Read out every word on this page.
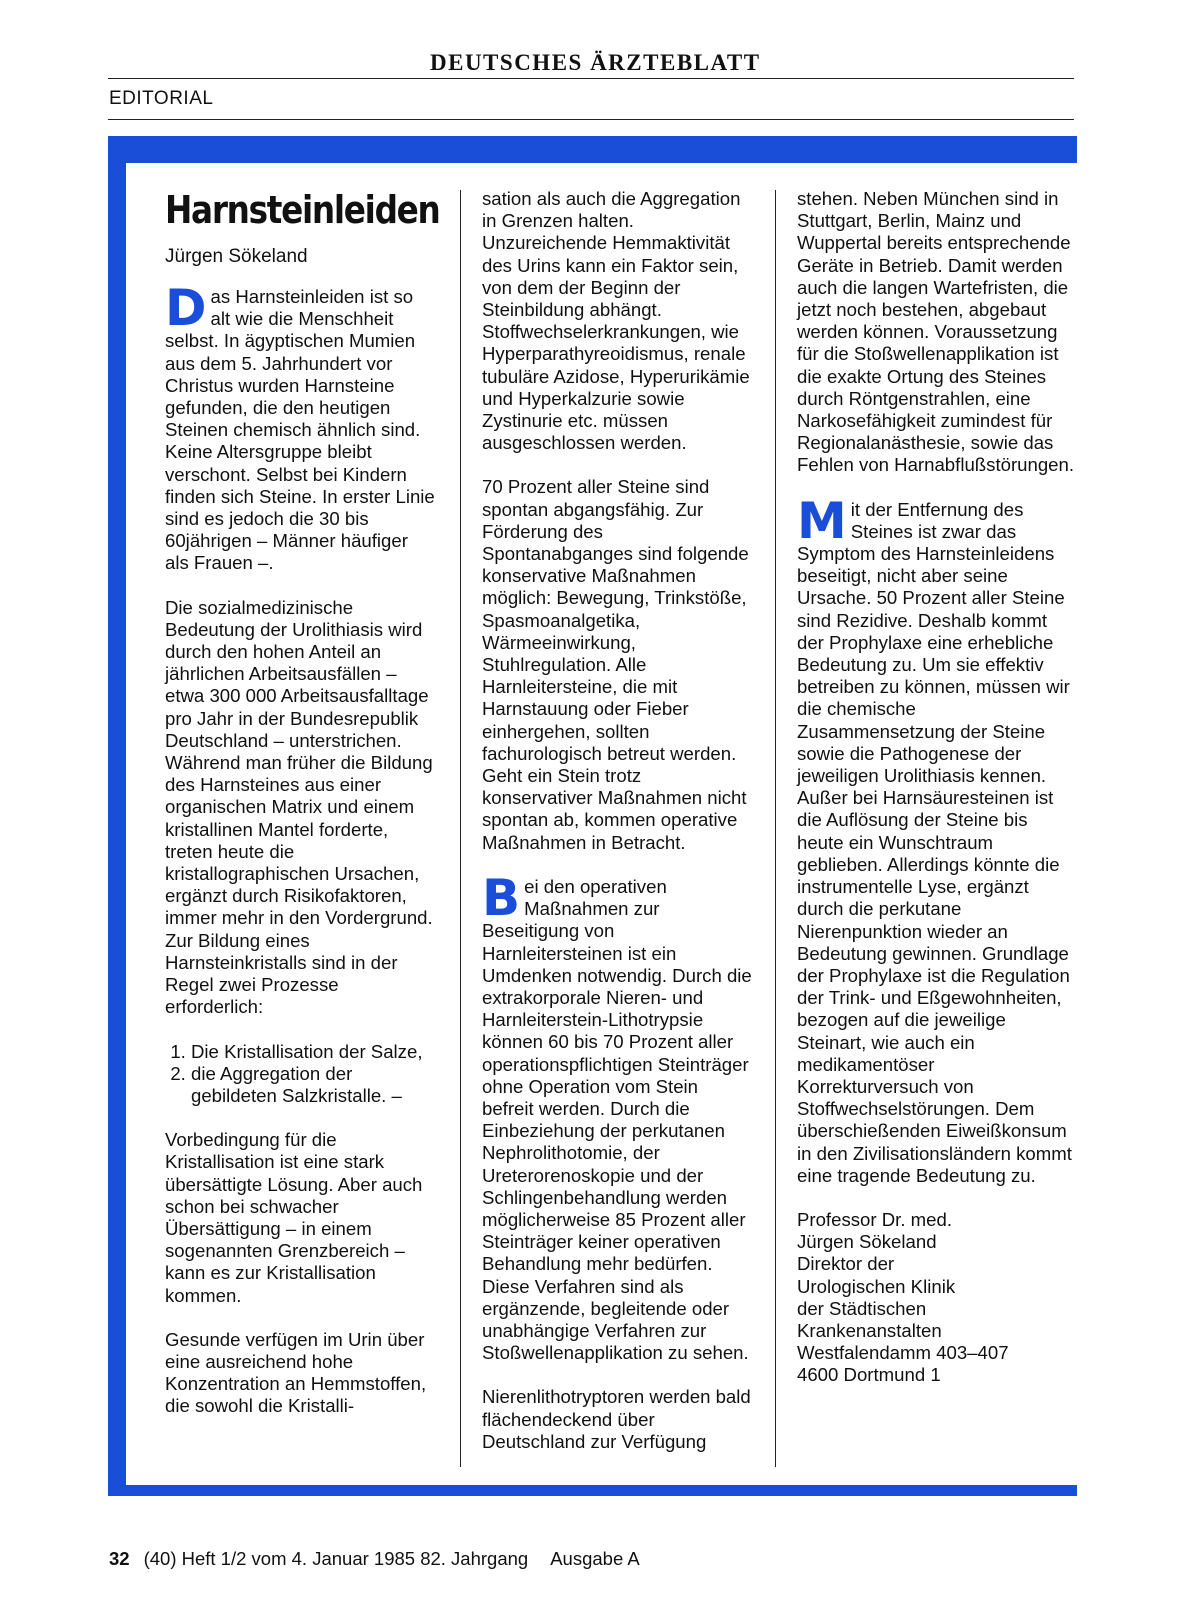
DEUTSCHES ÄRZTEBLATT
EDITORIAL
Harnsteinleiden
Jürgen Sökeland

Das Harnsteinleiden ist so alt wie die Menschheit selbst. In ägyptischen Mumien aus dem 5. Jahrhundert vor Christus wurden Harnsteine gefunden, die den heutigen Steinen chemisch ähnlich sind. Keine Altersgruppe bleibt verschont. Selbst bei Kindern finden sich Steine. In erster Linie sind es jedoch die 30 bis 60jährigen – Männer häufiger als Frauen –.

Die sozialmedizinische Bedeutung der Urolithiasis wird durch den hohen Anteil an jährlichen Arbeitsausfällen – etwa 300 000 Arbeitsausfalltage pro Jahr in der Bundesrepublik Deutschland – unterstrichen. Während man früher die Bildung des Harnsteines aus einer organischen Matrix und einem kristallinen Mantel forderte, treten heute die kristallographischen Ursachen, ergänzt durch Risikofaktoren, immer mehr in den Vordergrund. Zur Bildung eines Harnsteinkristalls sind in der Regel zwei Prozesse erforderlich:

1. Die Kristallisation der Salze,
2. die Aggregation der gebildeten Salzkristalle. –

Vorbedingung für die Kristallisation ist eine stark übersättigte Lösung. Aber auch schon bei schwacher Übersättigung – in einem sogenannten Grenzbereich – kann es zur Kristallisation kommen.

Gesunde verfügen im Urin über eine ausreichend hohe Konzentration an Hemmstoffen, die sowohl die Kristalli-

sation als auch die Aggregation in Grenzen halten. Unzureichende Hemmaktivität des Urins kann ein Faktor sein, von dem der Beginn der Steinbildung abhängt. Stoffwechselerkrankungen, wie Hyperparathyreoidismus, renale tubuläre Azidose, Hyperurikämie und Hyperkalzurie sowie Zystinurie etc. müssen ausgeschlossen werden.

70 Prozent aller Steine sind spontan abgangsfähig. Zur Förderung des Spontanabganges sind folgende konservative Maßnahmen möglich: Bewegung, Trinkstöße, Spasmoanalgetika, Wärmeeinwirkung, Stuhlregulation. Alle Harnleitersteine, die mit Harnstauung oder Fieber einhergehen, sollten fachurologisch betreut werden. Geht ein Stein trotz konservativer Maßnahmen nicht spontan ab, kommen operative Maßnahmen in Betracht.

Bei den operativen Maßnahmen zur Beseitigung von Harnleitersteinen ist ein Umdenken notwendig. Durch die extrakorporale Nieren- und Harnleiterstein-Lithotrypsie können 60 bis 70 Prozent aller operationspflichtigen Steinträger ohne Operation vom Stein befreit werden. Durch die Einbeziehung der perkutanen Nephrolithotomie, der Ureterorenoskopie und der Schlingenbehandlung werden möglicherweise 85 Prozent aller Steinträger keiner operativen Behandlung mehr bedürfen. Diese Verfahren sind als ergänzende, begleitende oder unabhängige Verfahren zur Stoßwellenapplikation zu sehen.

Nierenlithotryptoren werden bald flächendeckend über Deutschland zur Verfügung

stehen. Neben München sind in Stuttgart, Berlin, Mainz und Wuppertal bereits entsprechende Geräte in Betrieb. Damit werden auch die langen Wartefristen, die jetzt noch bestehen, abgebaut werden können. Voraussetzung für die Stoßwellenapplikation ist die exakte Ortung des Steines durch Röntgenstrahlen, eine Narkosefähigkeit zumindest für Regionalanästhesie, sowie das Fehlen von Harnabflußstörungen.

Mit der Entfernung des Steines ist zwar das Symptom des Harnsteinleidens beseitigt, nicht aber seine Ursache. 50 Prozent aller Steine sind Rezidive. Deshalb kommt der Prophylaxe eine erhebliche Bedeutung zu. Um sie effektiv betreiben zu können, müssen wir die chemische Zusammensetzung der Steine sowie die Pathogenese der jeweiligen Urolithiasis kennen. Außer bei Harnsäuresteinen ist die Auflösung der Steine bis heute ein Wunschtraum geblieben. Allerdings könnte die instrumentelle Lyse, ergänzt durch die perkutane Nierenpunktion wieder an Bedeutung gewinnen. Grundlage der Prophylaxe ist die Regulation der Trink- und Eßgewohnheiten, bezogen auf die jeweilige Steinart, wie auch ein medikamentöser Korrekturversuch von Stoffwechselstörungen. Dem überschießenden Eiweißkonsum in den Zivilisationsländern kommt eine tragende Bedeutung zu.

Professor Dr. med.
Jürgen Sökeland
Direktor der
Urologischen Klinik
der Städtischen
Krankenanstalten
Westfalendamm 403–407
4600 Dortmund 1
32 (40) Heft 1/2 vom 4. Januar 1985 82. Jahrgang Ausgabe A
